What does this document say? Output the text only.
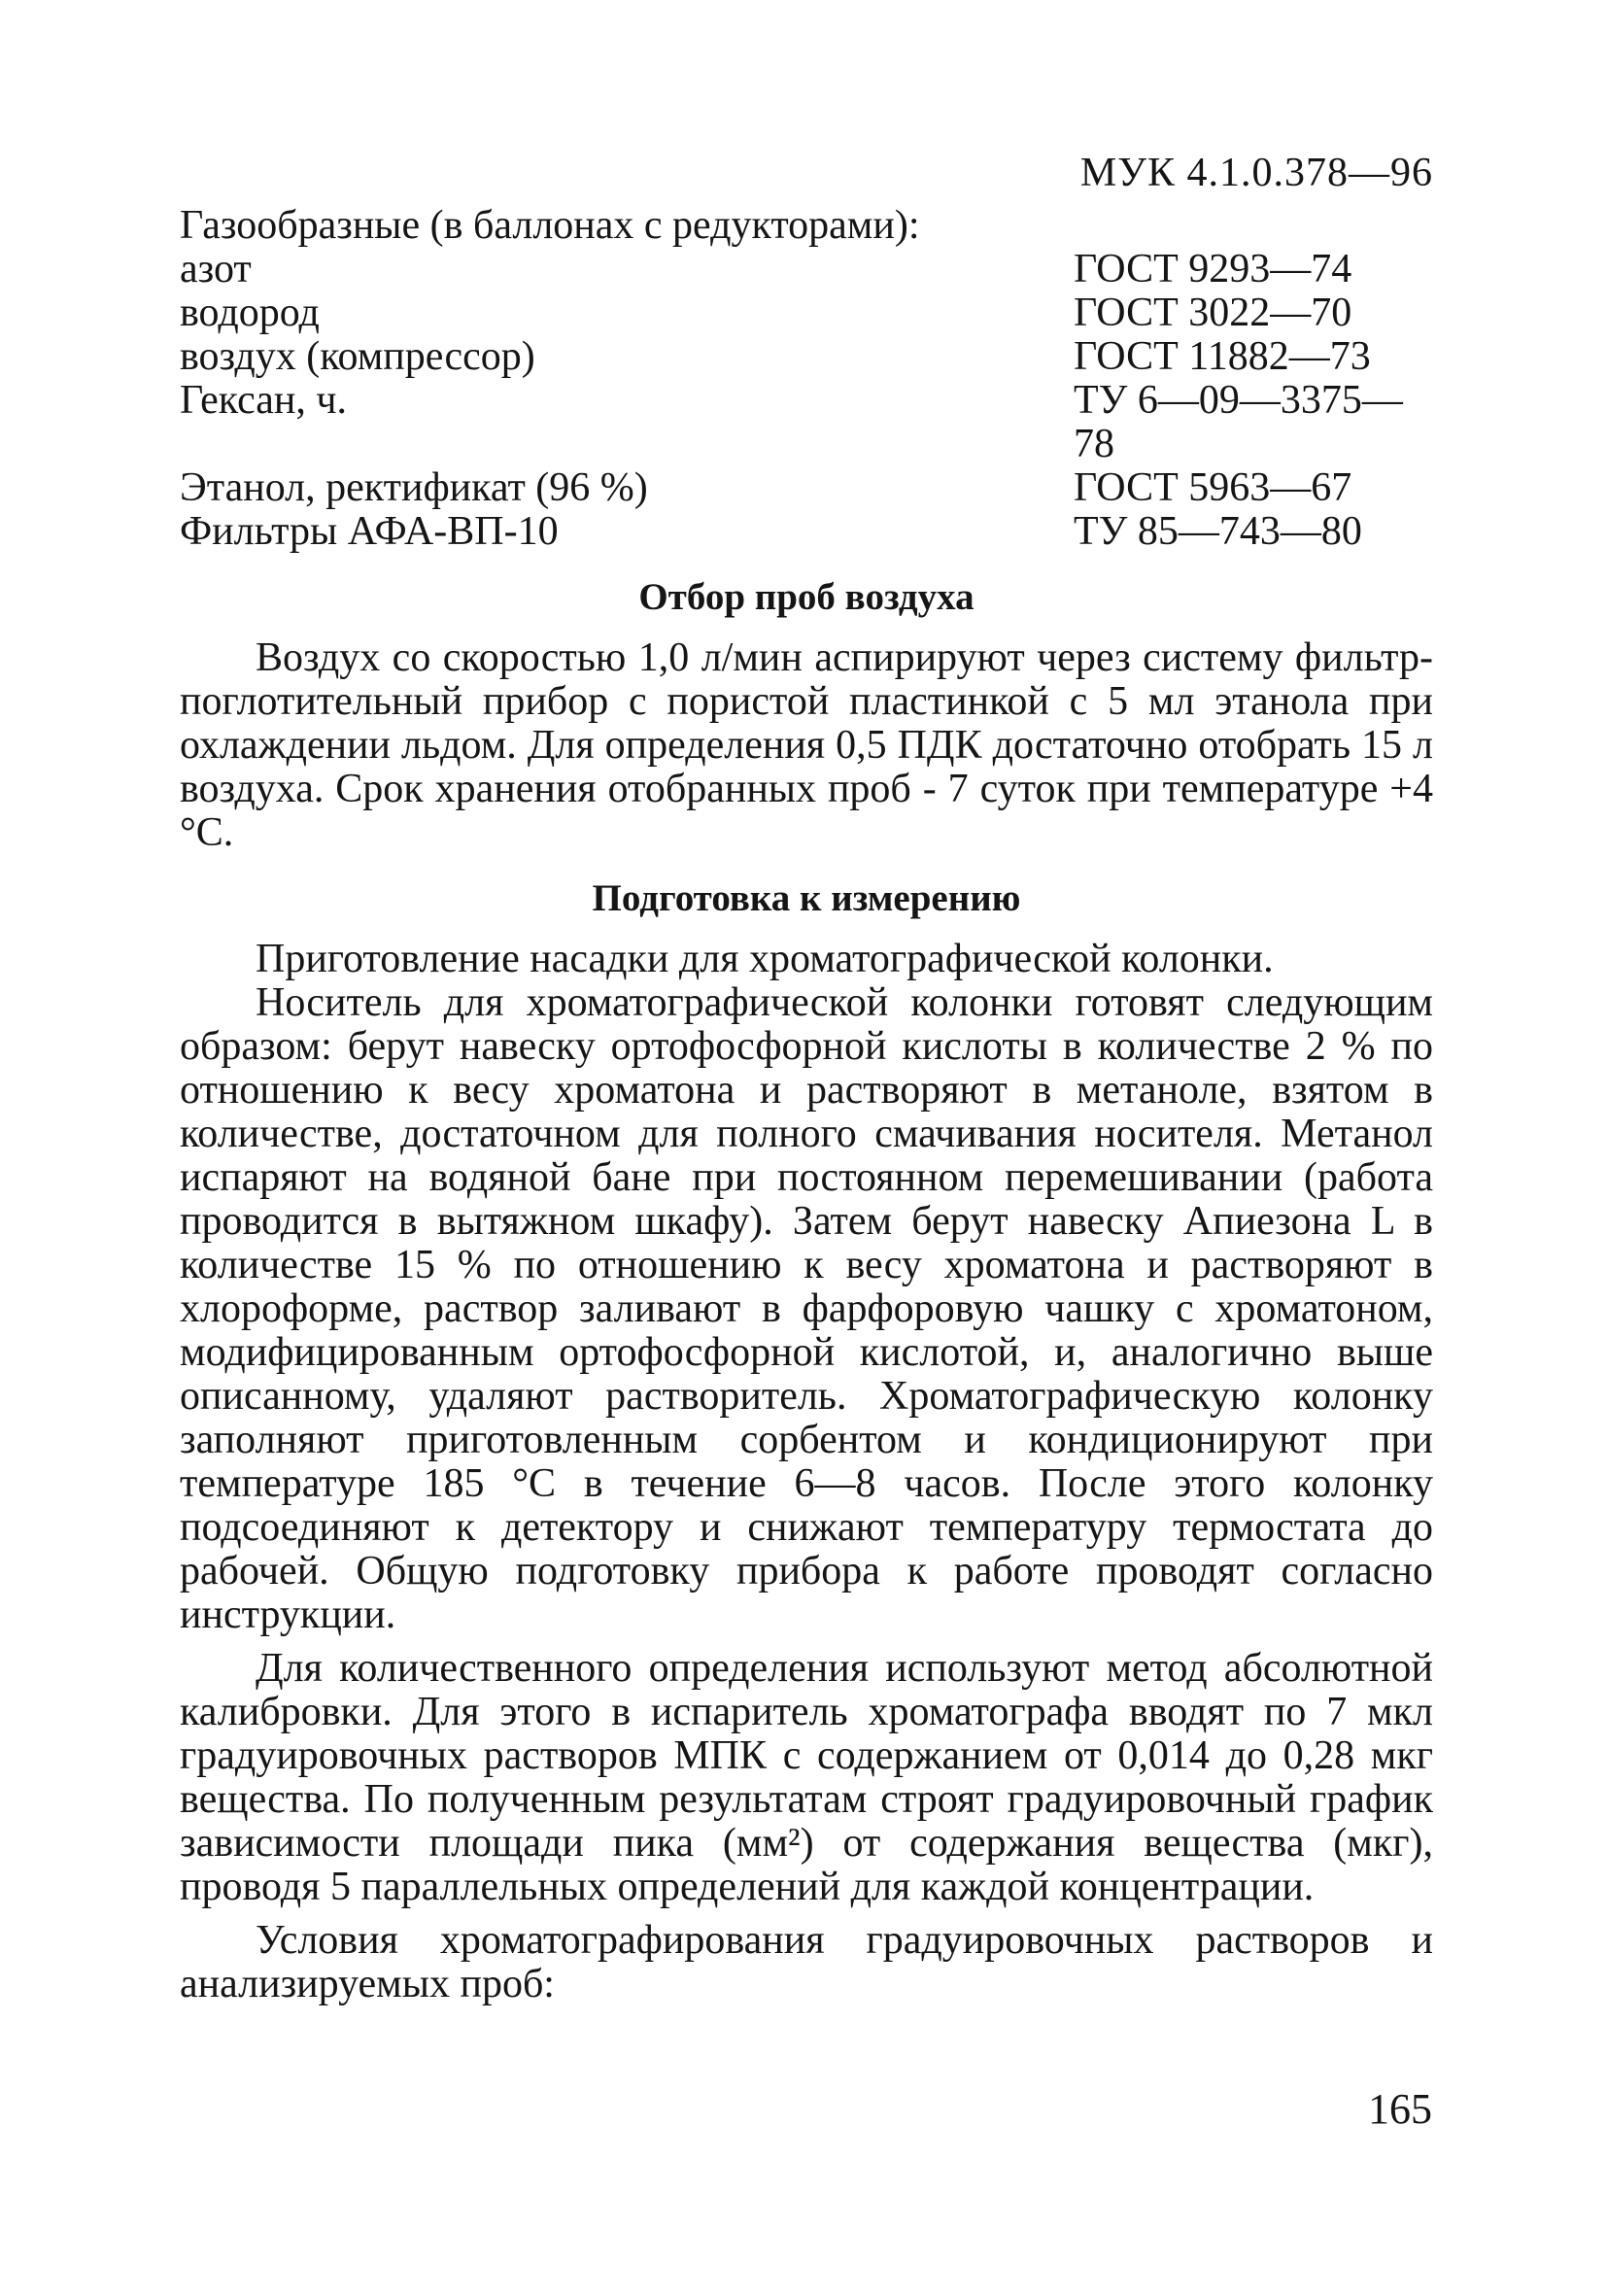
МУК 4.1.0.378—96
Газообразные (в баллонах с редукторами):
азот	ГОСТ 9293—74
водород	ГОСТ 3022—70
воздух (компрессор)	ГОСТ 11882—73
Гексан, ч.	ТУ 6—09—3375—78
Этанол, ректификат (96 %)	ГОСТ 5963—67
Фильтры АФА-ВП-10	ТУ 85—743—80
Отбор проб воздуха

Воздух со скоростью 1,0 л/мин аспирируют через систему фильтр-поглотительный прибор с пористой пластинкой с 5 мл этанола при охлаждении льдом. Для определения 0,5 ПДК достаточно отобрать 15 л воздуха. Срок хранения отобранных проб - 7 суток при температуре +4 °С.

Подготовка к измерению

Приготовление насадки для хроматографической колонки.

Носитель для хроматографической колонки готовят следующим образом: берут навеску ортофосфорной кислоты в количестве 2 % по отношению к весу хроматона и растворяют в метаноле, взятом в количестве, достаточном для полного смачивания носителя. Метанол испаряют на водяной бане при постоянном перемешивании (работа проводится в вытяжном шкафу). Затем берут навеску Апиезона L в количестве 15 % по отношению к весу хроматона и растворяют в хлороформе, раствор заливают в фарфоровую чашку с хроматоном, модифицированным ортофосфорной кислотой, и, аналогично выше описанному, удаляют растворитель. Хроматографическую колонку заполняют приготовленным сорбентом и кондиционируют при температуре 185 °С в течение 6—8 часов. После этого колонку подсоединяют к детектору и снижают температуру термостата до рабочей. Общую подготовку прибора к работе проводят согласно инструкции.

Для количественного определения используют метод абсолютной калибровки. Для этого в испаритель хроматографа вводят по 7 мкл градуировочных растворов МПК с содержанием от 0,014 до 0,28 мкг вещества. По полученным результатам строят градуировочный график зависимости площади пика (мм²) от содержания вещества (мкг), проводя 5 параллельных определений для каждой концентрации.

Условия хроматографирования градуировочных растворов и анализируемых проб:

165
